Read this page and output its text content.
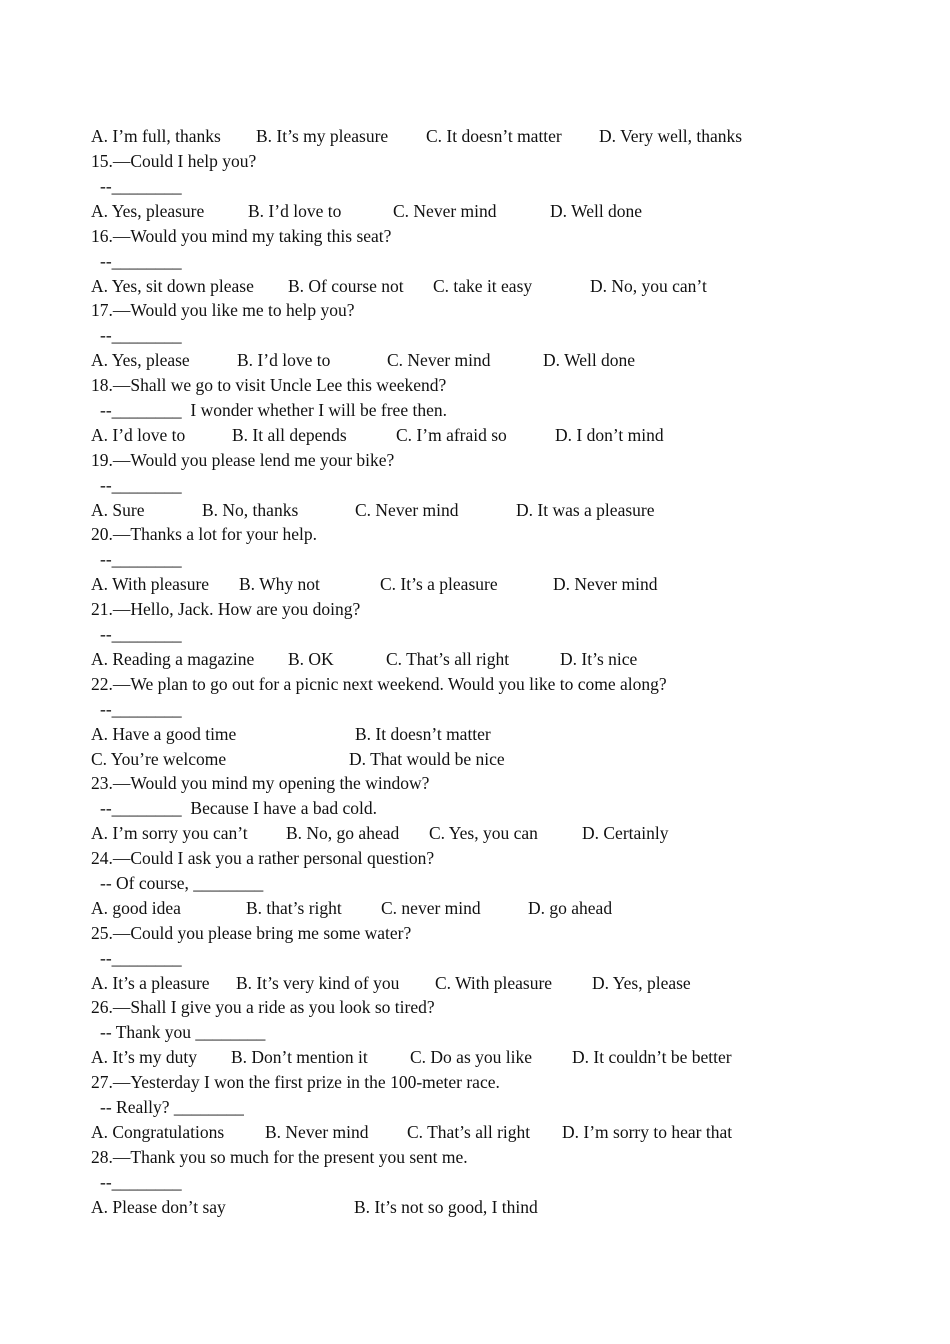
A. I’m full, thanks

B. It’s my pleasure

C. It doesn’t matter

D. Very well, thanks

15.—Could I help you?
--________

A. Yes, pleasure

B. I’d love to

	C. Never mind

	D. Well done

16.—Would you mind my taking this seat?
--________

A. Yes, sit down please

B. Of course not

C. take it easy

	D. No, you can’t

17.—Would you like me to help you?
--________

A. Yes, please

	B. I’d love to

	C. Never mind

	D. Well done

18.—Shall we go to visit Uncle Lee this weekend?
--________  I wonder whether I will be free then.

A. I’d love to

	B. It all depends

	C. I’m afraid so

	D. I don’t mind

19.—Would you please lend me your bike?
--________

A. Sure

	B. No, thanks

	C. Never mind

	D. It was a pleasure

20.—Thanks a lot for your help.
--________

A. With pleasure

B. Why not

	C. It’s a pleasure

	D. Never mind

21.—Hello, Jack. How are you doing?
--________

A. Reading a magazine

B. OK

	C. That’s all right

	D. It’s nice

22.—We plan to go out for a picnic next weekend. Would you like to come along?
--________

A. Have a good time

	B. It doesn’t matter

C. You’re welcome

	D. That would be nice

23.—Would you mind my opening the window?
--________  Because I have a bad cold.

A. I’m sorry you can’t

B. No, go ahead

C. Yes, you can

	D. Certainly

24.—Could I ask you a rather personal question?
-- Of course, ________

A. good idea

	B. that’s right

C. never mind

	D. go ahead

25.—Could you please bring me some water?
--________

A. It’s a pleasure

B. It’s very kind of you

C. With pleasure

D. Yes, please

26.—Shall I give you a ride as you look so tired?
-- Thank you ________

A. It’s my duty

B. Don’t mention it

C. Do as you like

D. It couldn’t be better

27.—Yesterday I won the first prize in the 100-meter race.
-- Really? ________

A. Congratulations

B. Never mind

C. That’s all right

D. I’m sorry to hear that

28.—Thank you so much for the present you sent me.
--________

A. Please don’t say

	B. It’s not so good, I thind
